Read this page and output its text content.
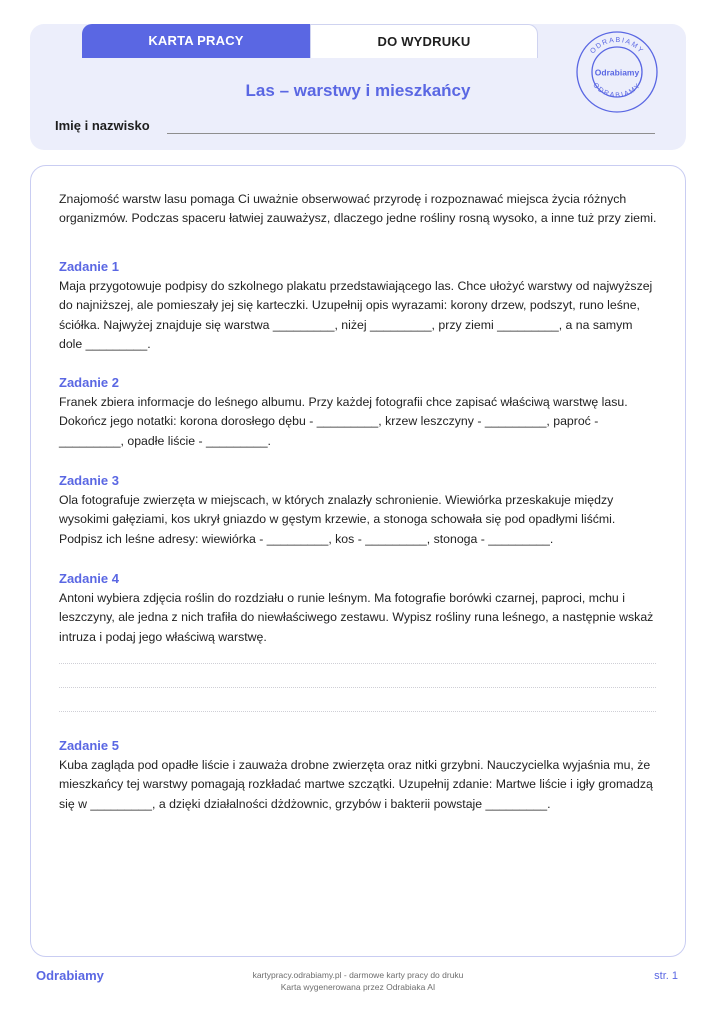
KARTA PRACY	DO WYDRUKU
Las – warstwy i mieszkańcy
Imię i nazwisko
ODRABIAMY
Odrabiamy
ODRABIAMY

Znajomość warstw lasu pomaga Ci uważnie obserwować przyrodę i rozpoznawać miejsca życia różnych organizmów. Podczas spaceru łatwiej zauważysz, dlaczego jedne rośliny rosną wysoko, a inne tuż przy ziemi.

Zadanie 1

Maja przygotowuje podpisy do szkolnego plakatu przedstawiającego las. Chce ułożyć warstwy od najwyższej do najniższej, ale pomieszały jej się karteczki. Uzupełnij opis wyrazami: korony drzew, podszyt, runo leśne, ściółka. Najwyżej znajduje się warstwa _________, niżej _________, przy ziemi _________, a na samym dole _________.

Zadanie 2

Franek zbiera informacje do leśnego albumu. Przy każdej fotografii chce zapisać właściwą warstwę lasu. Dokończ jego notatki: korona dorosłego dębu - _________, krzew leszczyny - _________, paproć - _________, opadłe liście - _________.

Zadanie 3

Ola fotografuje zwierzęta w miejscach, w których znalazły schronienie. Wiewiórka przeskakuje między wysokimi gałęziami, kos ukrył gniazdo w gęstym krzewie, a stonoga schowała się pod opadłymi liśćmi. Podpisz ich leśne adresy: wiewiórka - _________, kos - _________, stonoga - _________.

Zadanie 4

Antoni wybiera zdjęcia roślin do rozdziału o runie leśnym. Ma fotografie borówki czarnej, paproci, mchu i leszczyny, ale jedna z nich trafiła do niewłaściwego zestawu. Wypisz rośliny runa leśnego, a następnie wskaż intruza i podaj jego właściwą warstwę.

Zadanie 5

Kuba zagląda pod opadłe liście i zauważa drobne zwierzęta oraz nitki grzybni. Nauczycielka wyjaśnia mu, że mieszkańcy tej warstwy pomagają rozkładać martwe szczątki. Uzupełnij zdanie: Martwe liście i igły gromadzą się w _________, a dzięki działalności dżdżownic, grzybów i bakterii powstaje _________.

Odrabiamy	kartypracy.odrabiamy.pl - darmowe karty pracy do druku
Karta wygenerowana przez Odrabiaka AI
str. 1
